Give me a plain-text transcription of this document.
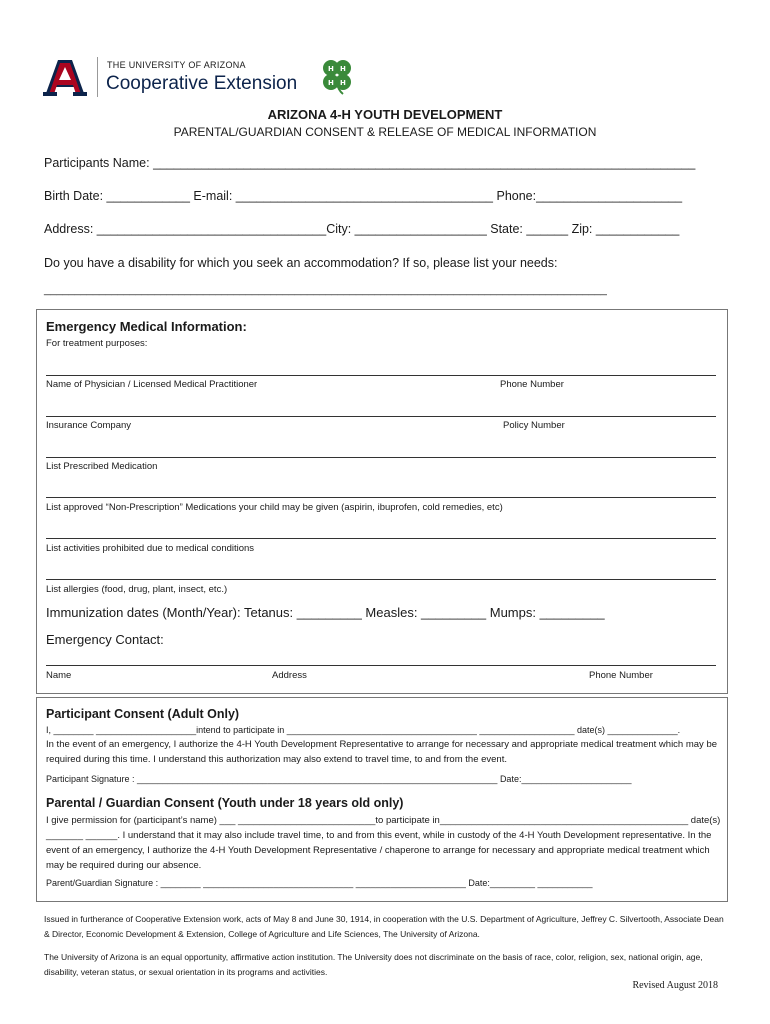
THE UNIVERSITY OF ARIZONA
Cooperative Extension
H H
H H
ARIZONA 4-H YOUTH DEVELOPMENT
PARENTAL/GUARDIAN CONSENT & RELEASE OF MEDICAL INFORMATION
Participants Name: ______________________________________________________________________________
Birth Date: ____________ E-mail: _____________________________________ Phone:_____________________
Address: _________________________________City: ___________________ State: ______ Zip: ____________
Do you have a disability for which you seek an accommodation? If so, please list your needs:
____________________________________________________________________________________________
Emergency Medical Information:
For treatment purposes:
Name of Physician / Licensed Medical Practitioner	Phone Number
Insurance Company	Policy Number
List Prescribed Medication
List approved “Non-Prescription” Medications your child may be given (aspirin, ibuprofen, cold remedies, etc)
List activities prohibited due to medical conditions
List allergies (food, drug, plant, insect, etc.)
Immunization dates (Month/Year): Tetanus: _________ Measles: _________ Mumps: _________
Emergency Contact:
Name	Address	Phone Number
Participant Consent (Adult Only)
I, ________ ____________________intend to participate in ______________________________________ ___________________ date(s) ______________.
In the event of an emergency, I authorize the 4-H Youth Development Representative to arrange for necessary and appropriate medical treatment which may be required during this time. I understand this authorization may also extend to travel time, to and from the event.
Participant Signature : ________________________________________________________________________ Date:______________________
Parental / Guardian Consent (Youth under 18 years old only)
I give permission for (participant’s name) ___ __________________________to participate in_______________________________________________ date(s) _______ ______. I understand that it may also include travel time, to and from this event, while in custody of the 4-H Youth Development representative. In the event of an emergency, I authorize the 4-H Youth Development Representative / chaperone to arrange for necessary and appropriate medical treatment which may be required during our absence.
Parent/Guardian Signature : ________ ______________________________ ______________________ Date:_________ ___________
Issued in furtherance of Cooperative Extension work, acts of May 8 and June 30, 1914, in cooperation with the U.S. Department of Agriculture, Jeffrey C. Silvertooth, Associate Dean & Director, Economic Development & Extension, College of Agriculture and Life Sciences, The University of Arizona.
The University of Arizona is an equal opportunity, affirmative action institution. The University does not discriminate on the basis of race, color, religion, sex, national origin, age, disability, veteran status, or sexual orientation in its programs and activities.
Revised August 2018
